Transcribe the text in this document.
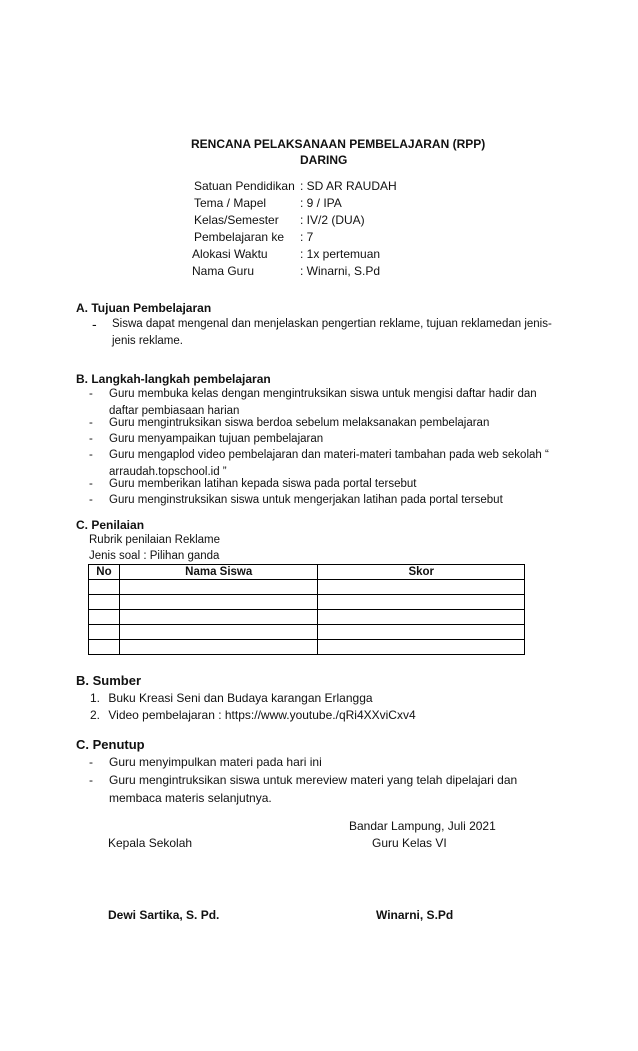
RENCANA PELAKSANAAN PEMBELAJARAN (RPP)
DARING
Satuan Pendidikan : SD AR RAUDAH
Tema / Mapel	: 9 / IPA
Kelas/Semester : IV/2 (DUA)
Pembelajaran ke : 7
Alokasi Waktu	: 1x pertemuan
Nama Guru	: Winarni, S.Pd
A. Tujuan Pembelajaran
- Siswa dapat mengenal dan menjelaskan pengertian reklame, tujuan reklamedan jenis-jenis reklame.
B. Langkah-langkah pembelajaran
- Guru membuka kelas dengan mengintruksikan siswa untuk mengisi daftar hadir dan daftar pembiasaan harian
- Guru mengintruksikan siswa berdoa sebelum melaksanakan pembelajaran
- Guru menyampaikan tujuan pembelajaran
- Guru mengaplod video pembelajaran dan materi-materi tambahan pada web sekolah “ arraudah.topschool.id ”
- Guru memberikan latihan kepada siswa pada portal tersebut
- Guru menginstruksikan siswa untuk mengerjakan latihan pada portal tersebut
C. Penilaian
Rubrik penilaian Reklame
Jenis soal : Pilihan ganda
No	Nama Siswa	Skor

B. Sumber
1. Buku Kreasi Seni dan Budaya karangan Erlangga
2. Video pembelajaran : https://www.youtube./qRi4XXviCxv4
C. Penutup
- Guru menyimpulkan materi pada hari ini
- Guru mengintruksikan siswa untuk mereview materi yang telah dipelajari dan membaca materis selanjutnya.
Bandar Lampung, Juli 2021
Kepala Sekolah	Guru Kelas VI
Dewi Sartika, S. Pd.	Winarni, S.Pd
